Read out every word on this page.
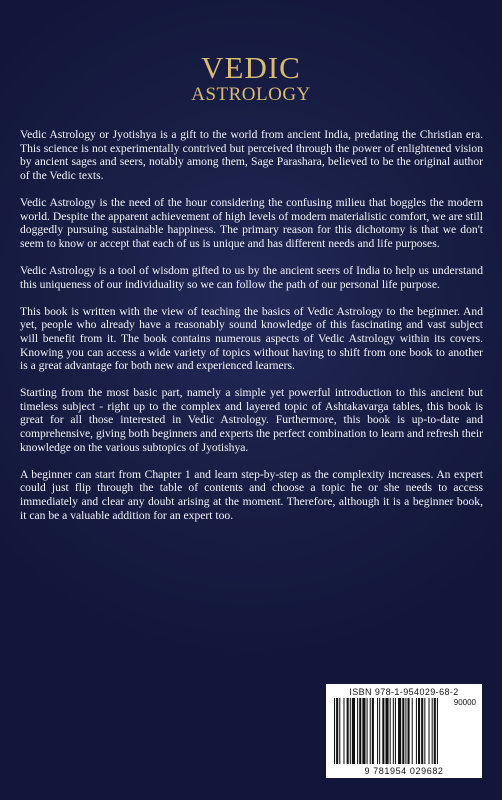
VEDIC
ASTROLOGY

Vedic Astrology or Jyotishya is a gift to the world from ancient India, predating the Christian era. This science is not experimentally contrived but perceived through the power of enlightened vision by ancient sages and seers, notably among them, Sage Parashara, believed to be the original author of the Vedic texts.

Vedic Astrology is the need of the hour considering the confusing milieu that boggles the modern world. Despite the apparent achievement of high levels of modern materialistic comfort, we are still doggedly pursuing sustainable happiness. The primary reason for this dichotomy is that we don't seem to know or accept that each of us is unique and has different needs and life purposes.

Vedic Astrology is a tool of wisdom gifted to us by the ancient seers of India to help us understand this uniqueness of our individuality so we can follow the path of our personal life purpose.

This book is written with the view of teaching the basics of Vedic Astrology to the beginner. And yet, people who already have a reasonably sound knowledge of this fascinating and vast subject will benefit from it. The book contains numerous aspects of Vedic Astrology within its covers. Knowing you can access a wide variety of topics without having to shift from one book to another is a great advantage for both new and experienced learners.

Starting from the most basic part, namely a simple yet powerful introduction to this ancient but timeless subject - right up to the complex and layered topic of Ashtakavarga tables, this book is great for all those interested in Vedic Astrology. Furthermore, this book is up-to-date and comprehensive, giving both beginners and experts the perfect combination to learn and refresh their knowledge on the various subtopics of Jyotishya.

A beginner can start from Chapter 1 and learn step-by-step as the complexity increases. An expert could just flip through the table of contents and choose a topic he or she needs to access immediately and clear any doubt arising at the moment. Therefore, although it is a beginner book, it can be a valuable addition for an expert too.

ISBN 978-1-954029-68-2
90000
9 781954 029682
